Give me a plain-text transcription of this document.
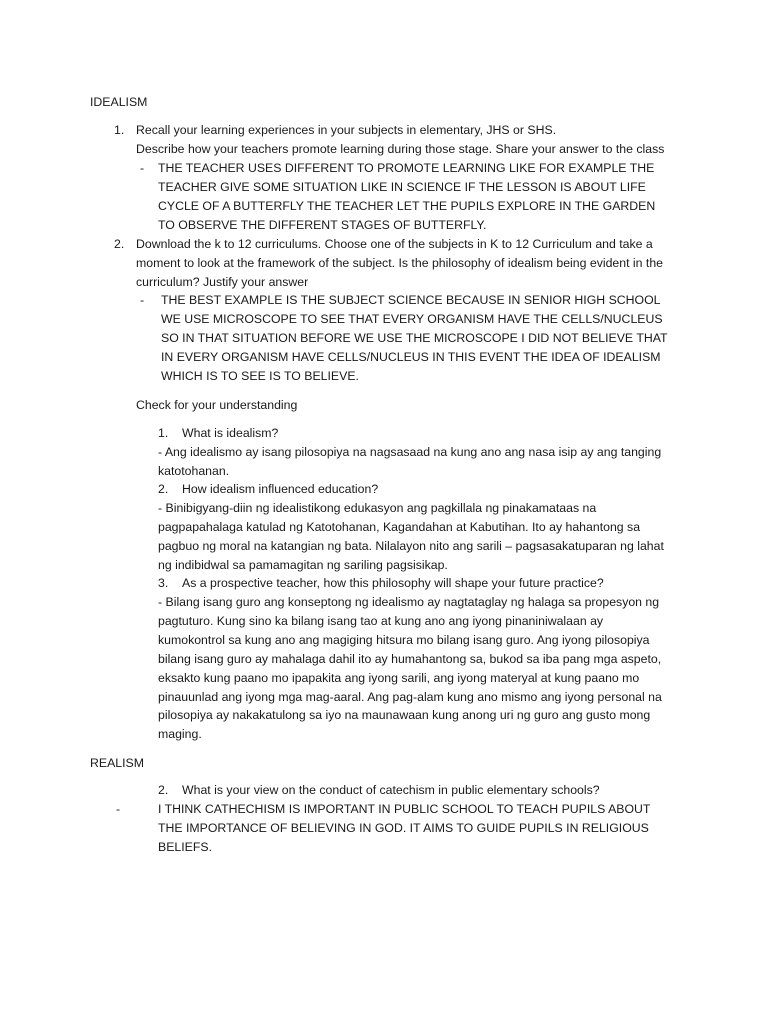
IDEALISM

1. Recall your learning experiences in your subjects in elementary, JHS or SHS.

Describe how your teachers promote learning during those stage. Share your answer to the class

- THE TEACHER USES DIFFERENT TO PROMOTE LEARNING LIKE FOR EXAMPLE THE TEACHER GIVE SOME SITUATION LIKE IN SCIENCE IF THE LESSON IS ABOUT LIFE CYCLE OF A BUTTERFLY THE TEACHER LET THE PUPILS EXPLORE IN THE GARDEN TO OBSERVE THE DIFFERENT STAGES OF BUTTERFLY.

2. Download the k to 12 curriculums. Choose one of the subjects in K to 12 Curriculum and take a moment to look at the framework of the subject. Is the philosophy of idealism being evident in the curriculum? Justify your answer
- THE BEST EXAMPLE IS THE SUBJECT SCIENCE BECAUSE IN SENIOR HIGH SCHOOL WE USE MICROSCOPE TO SEE THAT EVERY ORGANISM HAVE THE CELLS/NUCLEUS SO IN THAT SITUATION BEFORE WE USE THE MICROSCOPE I DID NOT BELIEVE THAT IN EVERY ORGANISM HAVE CELLS/NUCLEUS IN THIS EVENT THE IDEA OF IDEALISM WHICH IS TO SEE IS TO BELIEVE.

Check for your understanding

1. What is idealism?

- Ang idealismo ay isang pilosopiya na nagsasaad na kung ano ang nasa isip ay ang tanging katotohanan.

2. How idealism influenced education?

- Binibigyang-diin ng idealistikong edukasyon ang pagkillala ng pinakamataas na pagpapahalaga katulad ng Katotohanan, Kagandahan at Kabutihan. Ito ay hahantong sa pagbuo ng moral na katangian ng bata. Nilalayon nito ang sarili – pagsasakatuparan ng lahat ng indibidwal sa pamamagitan ng sariling pagsisikap.

3. As a prospective teacher, how this philosophy will shape your future practice?

- Bilang isang guro ang konseptong ng idealismo ay nagtataglay ng halaga sa propesyon ng pagtuturo. Kung sino ka bilang isang tao at kung ano ang iyong pinaniniwalaan ay kumokontrol sa kung ano ang magiging hitsura mo bilang isang guro. Ang iyong pilosopiya bilang isang guro ay mahalaga dahil ito ay humahantong sa, bukod sa iba pang mga aspeto, eksakto kung paano mo ipapakita ang iyong sarili, ang iyong materyal at kung paano mo pinauunlad ang iyong mga mag-aaral. Ang pag-alam kung ano mismo ang iyong personal na pilosopiya ay nakakatulong sa iyo na maunawaan kung anong uri ng guro ang gusto mong maging.

REALISM

2. What is your view on the conduct of catechism in public elementary schools?

-	I THINK CATHECHISM IS IMPORTANT IN PUBLIC SCHOOL TO TEACH PUPILS ABOUT THE IMPORTANCE OF BELIEVING IN GOD. IT AIMS TO GUIDE PUPILS IN RELIGIOUS BELIEFS.
